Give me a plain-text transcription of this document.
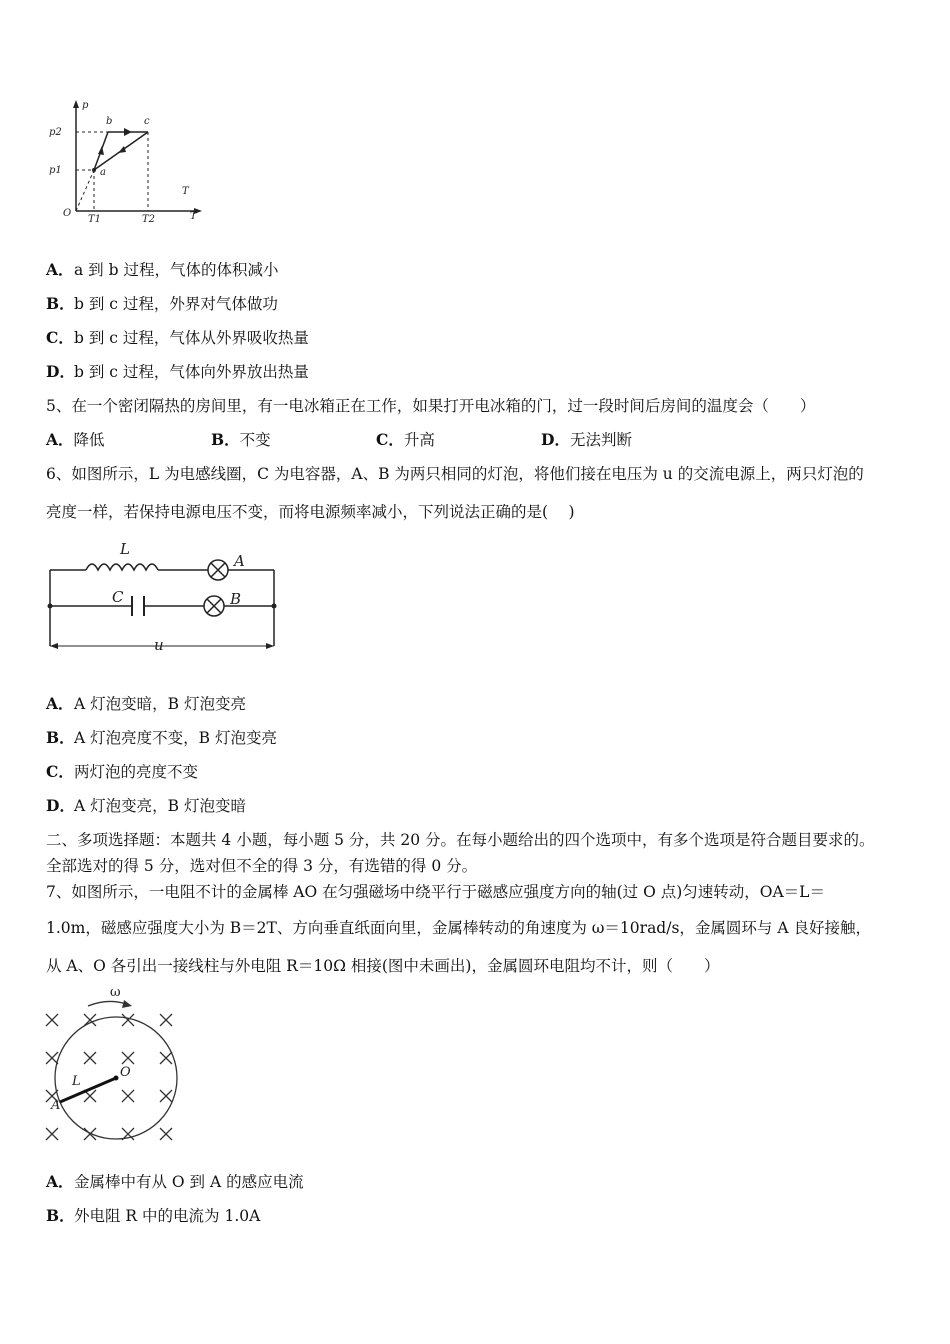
p
p2
p1
b	c
a
T
T
O
T1	T2
A．a 到 b 过程，气体的体积减小
B．b 到 c 过程，外界对气体做功
C．b 到 c 过程，气体从外界吸收热量
D．b 到 c 过程，气体向外界放出热量
5、在一个密闭隔热的房间里，有一电冰箱正在工作，如果打开电冰箱的门，过一段时间后房间的温度会（　　）
A．降低	B．不变	C．升高	D．无法判断
6、如图所示，L 为电感线圈，C 为电容器，A、B 为两只相同的灯泡，将他们接在电压为 u 的交流电源上，两只灯泡的
亮度一样，若保持电源电压不变，而将电源频率减小，下列说法正确的是(　 )
L
A
C	B
u
A．A 灯泡变暗，B 灯泡变亮
B．A 灯泡亮度不变，B 灯泡变亮
C．两灯泡的亮度不变
D．A 灯泡变亮，B 灯泡变暗
二、多项选择题：本题共 4 小题，每小题 5 分，共 20 分。在每小题给出的四个选项中，有多个选项是符合题目要求的。
全部选对的得 5 分，选对但不全的得 3 分，有选错的得 0 分。
7、如图所示，一电阻不计的金属棒 AO 在匀强磁场中绕平行于磁感应强度方向的轴(过 O 点)匀速转动，OA＝L＝
1.0m，磁感应强度大小为 B＝2T、方向垂直纸面向里，金属棒转动的角速度为 ω＝10rad/s，金属圆环与 A 良好接触，
从 A、O 各引出一接线柱与外电阻 R＝10Ω 相接(图中未画出)，金属圆环电阻均不计，则（　　）
ω
O
L
A
A．金属棒中有从 O 到 A 的感应电流
B．外电阻 R 中的电流为 1.0A
